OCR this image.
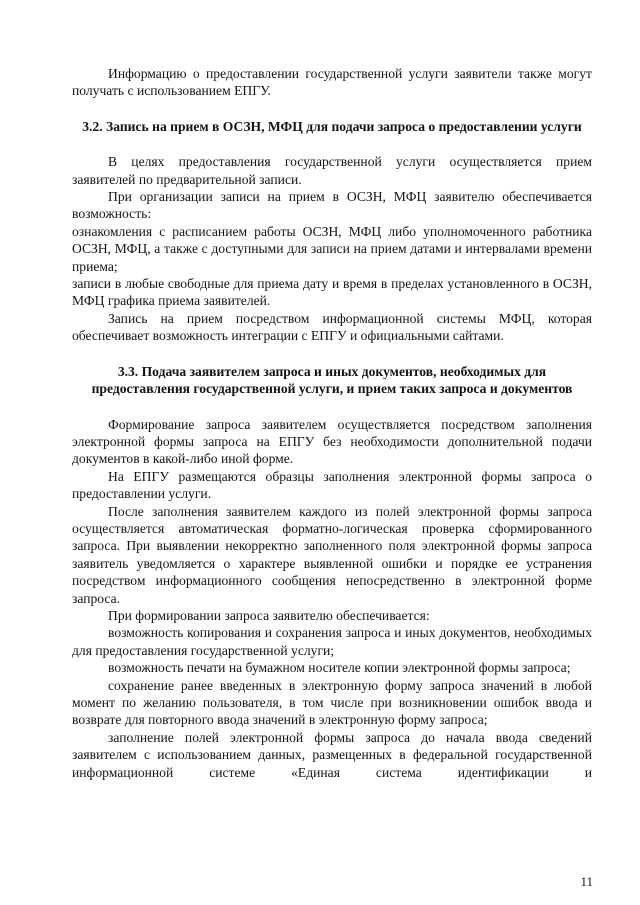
Информацию о предоставлении государственной услуги заявители также могут получать с использованием ЕПГУ.

3.2. Запись на прием в ОСЗН, МФЦ для подачи запроса о предоставлении услуги

В целях предоставления государственной услуги осуществляется прием заявителей по предварительной записи.

При организации записи на прием в ОСЗН, МФЦ заявителю обеспечивается возможность:

ознакомления с расписанием работы ОСЗН, МФЦ либо уполномоченного работника ОСЗН, МФЦ, а также с доступными для записи на прием датами и интервалами времени приема;

записи в любые свободные для приема дату и время в пределах установленного в ОСЗН, МФЦ графика приема заявителей.

Запись на прием посредством информационной системы МФЦ, которая обеспечивает возможность интеграции с ЕПГУ и официальными сайтами.

3.3. Подача заявителем запроса и иных документов, необходимых для предоставления государственной услуги, и прием таких запроса и документов

Формирование запроса заявителем осуществляется посредством заполнения электронной формы запроса на ЕПГУ без необходимости дополнительной подачи документов в какой-либо иной форме.

На ЕПГУ размещаются образцы заполнения электронной формы запроса о предоставлении услуги.

После заполнения заявителем каждого из полей электронной формы запроса осуществляется автоматическая форматно-логическая проверка сформированного запроса. При выявлении некорректно заполненного поля электронной формы запроса заявитель уведомляется о характере выявленной ошибки и порядке ее устранения посредством информационного сообщения непосредственно в электронной форме запроса.

При формировании запроса заявителю обеспечивается:

возможность копирования и сохранения запроса и иных документов, необходимых для предоставления государственной услуги;

возможность печати на бумажном носителе копии электронной формы запроса;

сохранение ранее введенных в электронную форму запроса значений в любой момент по желанию пользователя, в том числе при возникновении ошибок ввода и возврате для повторного ввода значений в электронную форму запроса;

заполнение полей электронной формы запроса до начала ввода сведений заявителем с использованием данных, размещенных в федеральной государственной информационной системе «Единая система идентификации и

11
